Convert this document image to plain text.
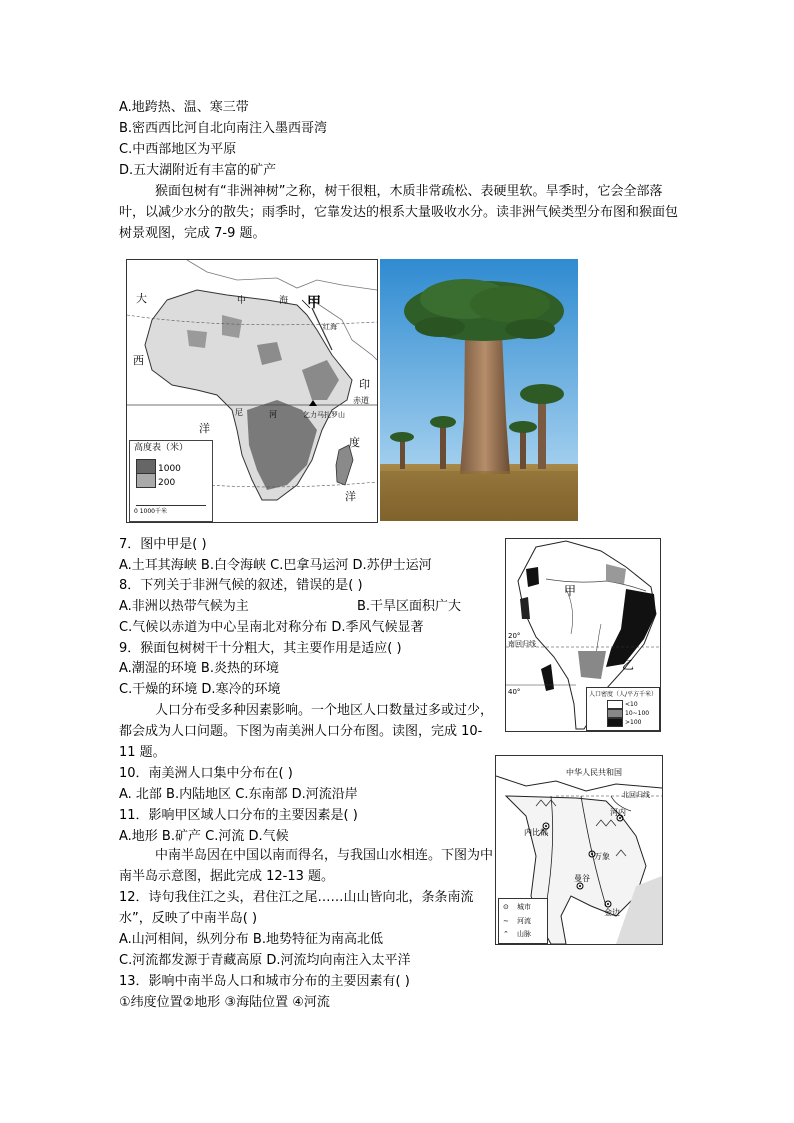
A.地跨热、温、寒三带
B.密西西比河自北向南注入墨西哥湾
C.中西部地区为平原
D.五大湖附近有丰富的矿产
猴面包树有“非洲神树”之称，树干很粗，木质非常疏松、表硬里软。旱季时，它会全部落叶，以减少水分的散失；雨季时，它靠发达的根系大量吸收水分。读非洲气候类型分布图和猴面包树景观图，完成 7-9 题。
大
西
洋
中	海 甲
红海
印
度
洋
赤道
乞力马扎罗山
尼	河
高度表（米）
1000
200
0 1000千米
7．图中甲是( )
A.土耳其海峡 B.白令海峡 C.巴拿马运河 D.苏伊士运河
8．下列关于非洲气候的叙述，错误的是( )
A.非洲以热带气候为主	B.干旱区面积广大
C.气候以赤道为中心呈南北对称分布 D.季风气候显著
9．猴面包树树干十分粗大，其主要作用是适应( )
A.潮湿的环境 B.炎热的环境
C.干燥的环境 D.寒冷的环境
甲
乙
20°
南回归线
40°	人口密度（人/平方千米）
<10
10~100
>100
人口分布受多种因素影响。一个地区人口数量过多或过少，都会成为人口问题。下图为南美洲人口分布图。读图，完成 10-11 题。
10．南美洲人口集中分布在( )
A. 北部 B.内陆地区 C.东南部 D.河流沿岸
11．影响甲区域人口分布的主要因素是( )
A.地形 B.矿产 C.河流 D.气候
中华人民共和国
北回归线
河内
内比都
万象
曼谷
金边
⊙ 城市
∼ 河流
⌃ 山脉
中南半岛因在中国以南而得名，与我国山水相连。下图为中南半岛示意图，据此完成 12-13 题。
12．诗句我住江之头，君住江之尾……山山皆向北，条条南流
水”，反映了中南半岛( )
A.山河相间，纵列分布 B.地势特征为南高北低
C.河流都发源于青藏高原 D.河流均向南注入太平洋
13．影响中南半岛人口和城市分布的主要因素有( )
①纬度位置②地形 ③海陆位置 ④河流
